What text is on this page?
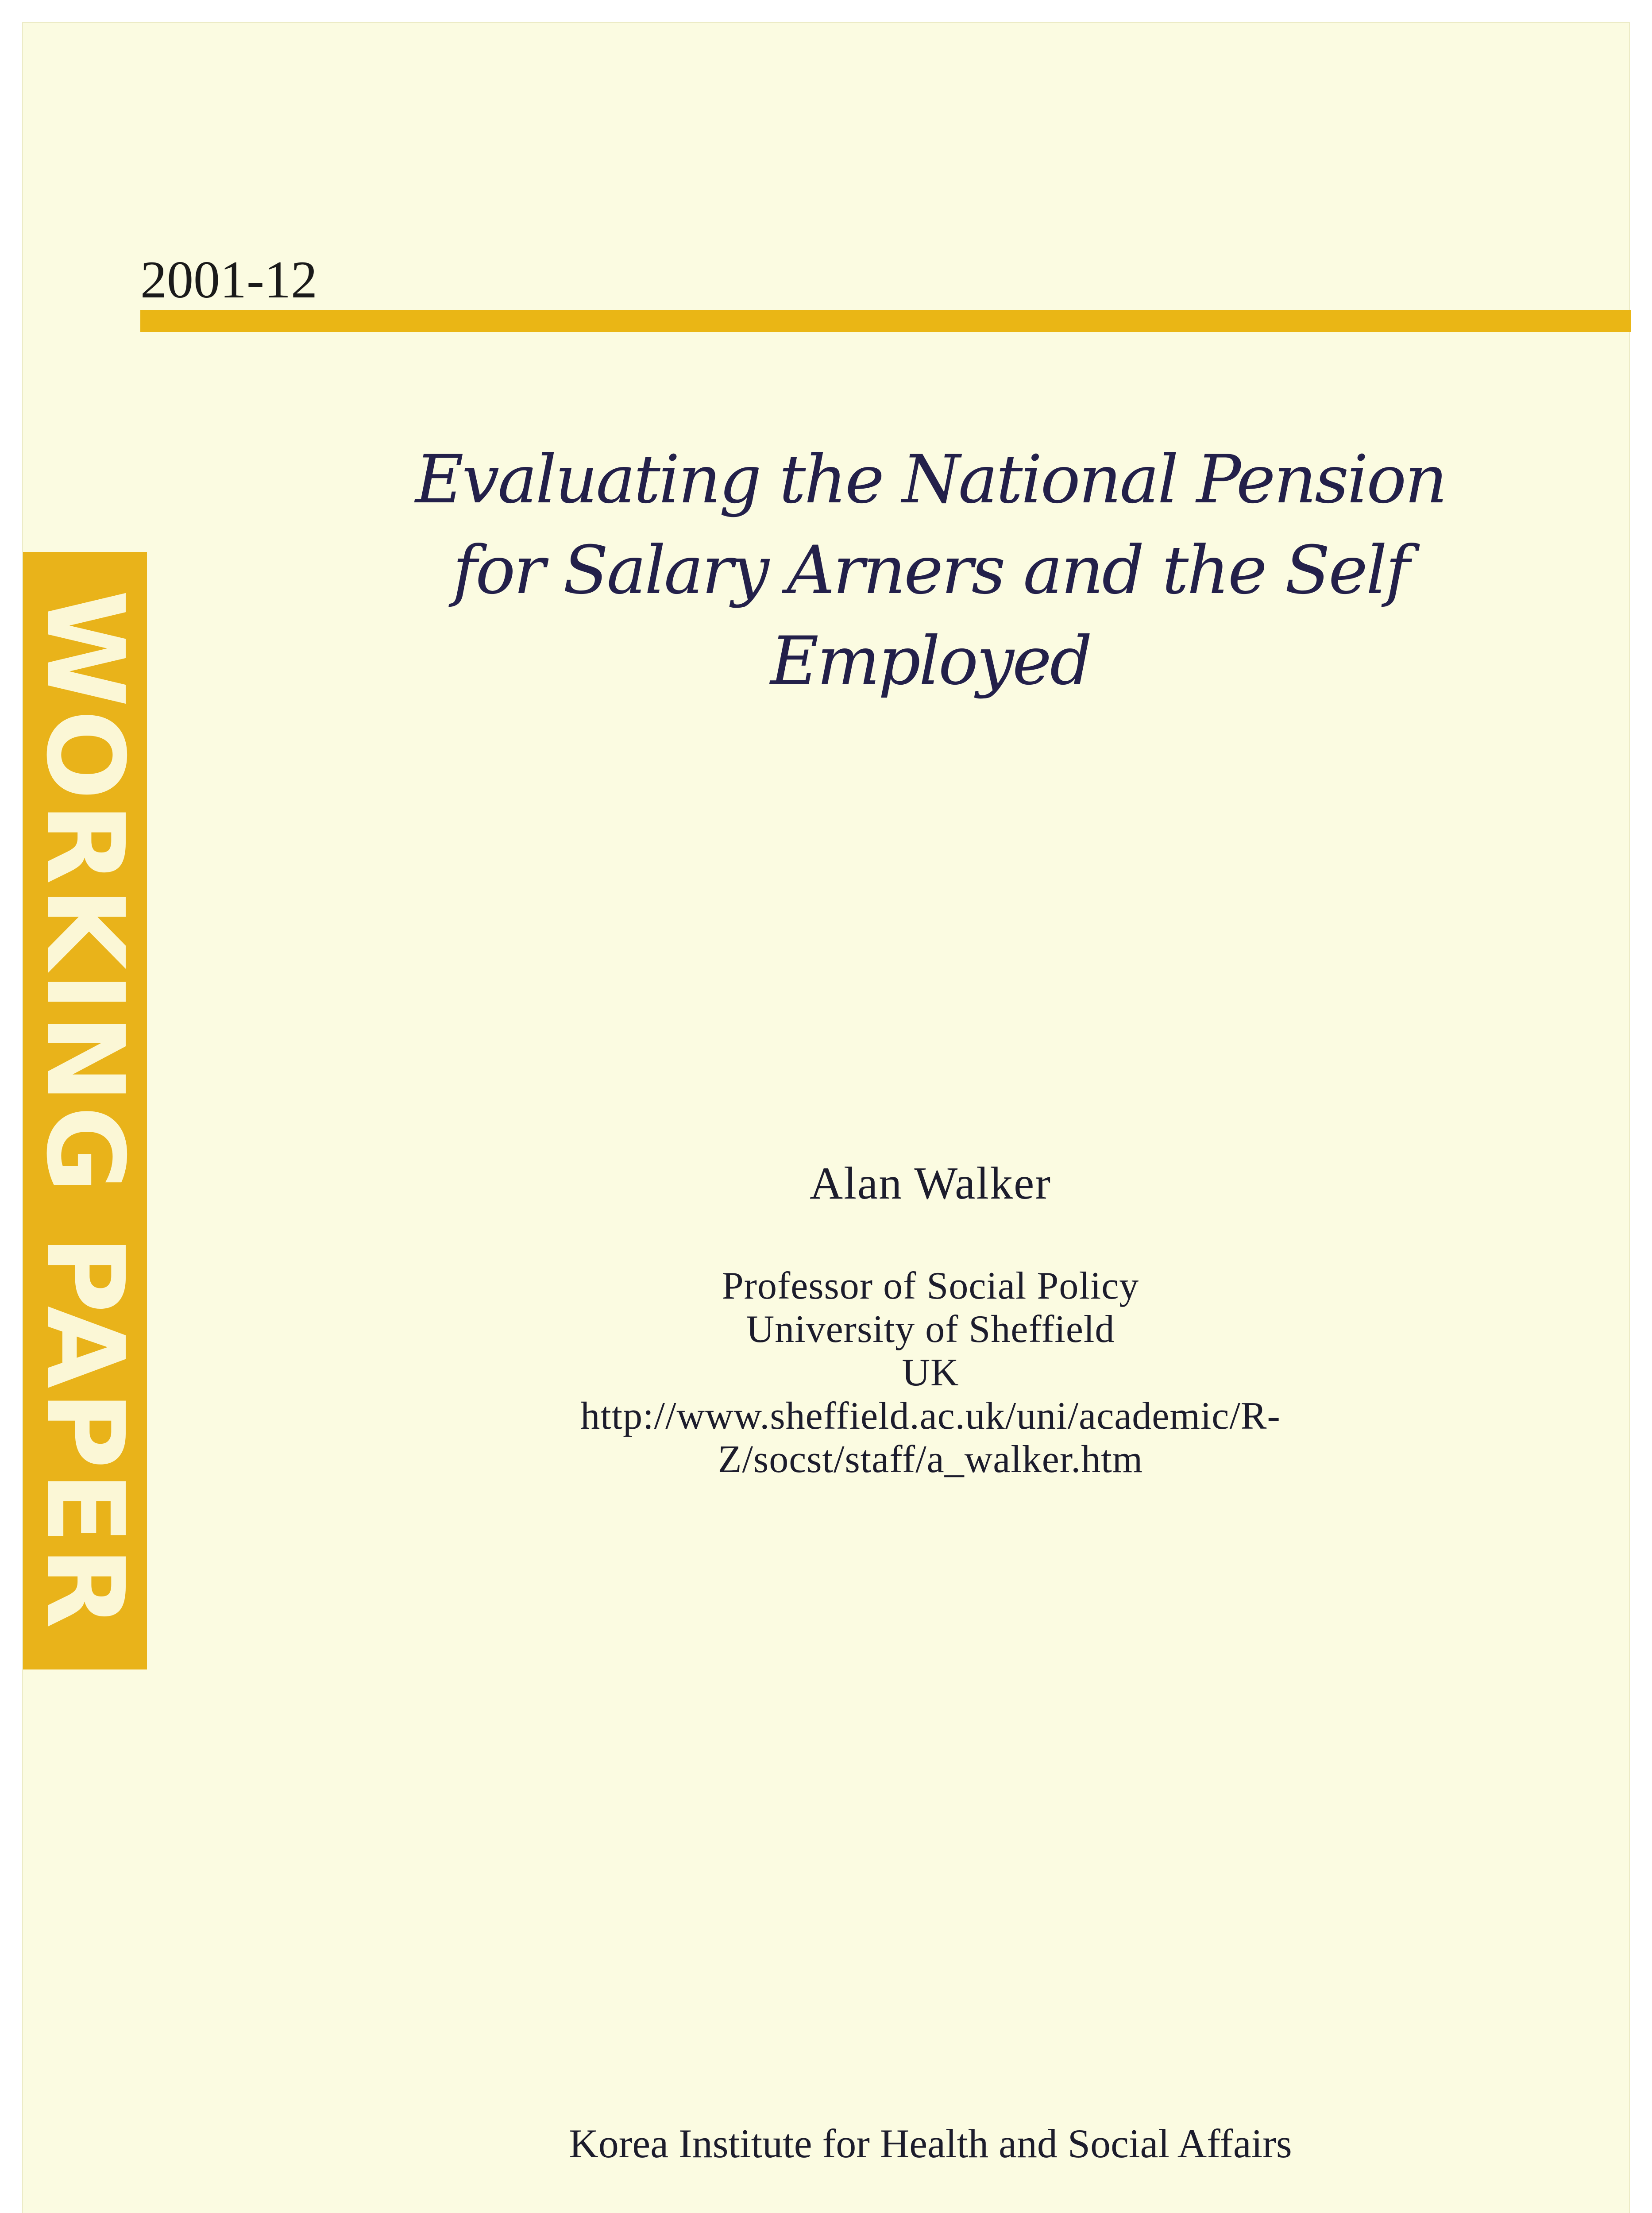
2001-12
WORKING PAPER
Evaluating the National Pension
for Salary Arners and the Self
Employed
Alan Walker
Professor of Social Policy
University of Sheffield
UK
http://www.sheffield.ac.uk/uni/academic/R-
Z/socst/staff/a_walker.htm
Korea Institute for Health and Social Affairs
